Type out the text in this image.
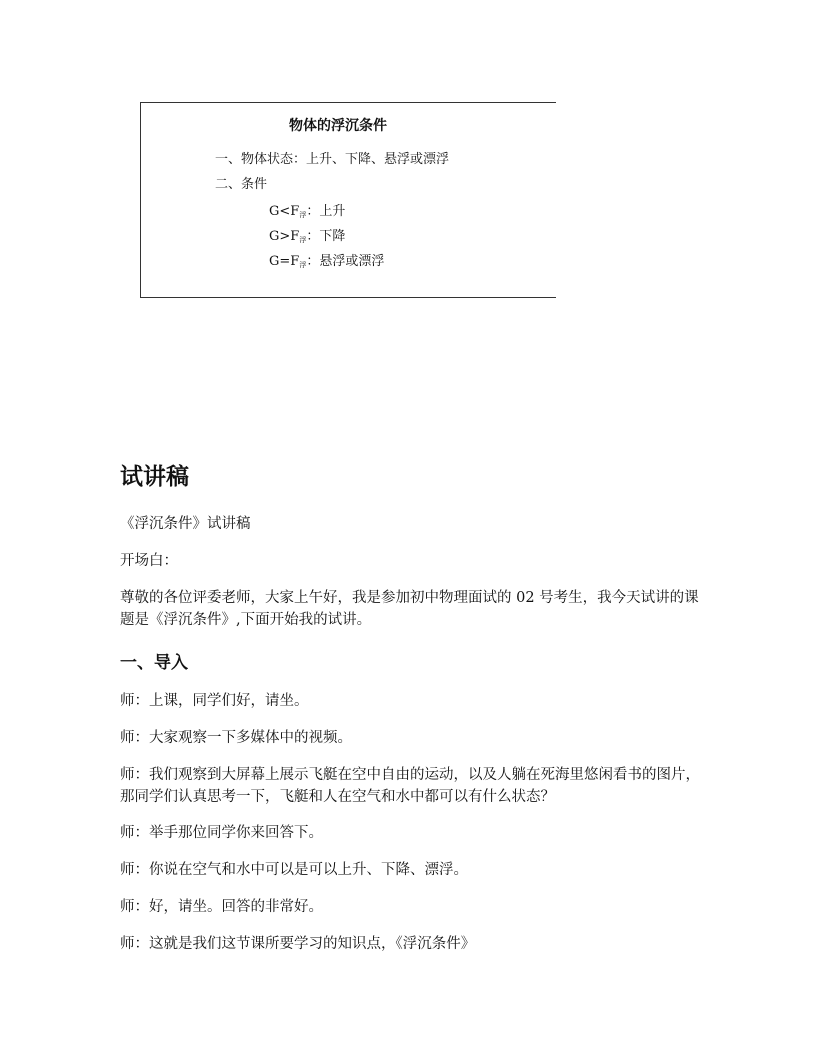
物体的浮沉条件

一、物体状态：上升、下降、悬浮或漂浮

二、条件

$G<F_浮$：上升

$G>F_浮$：下降

$G=F_浮$：悬浮或漂浮

试讲稿

《浮沉条件》试讲稿

开场白：

尊敬的各位评委老师，大家上午好，我是参加初中物理面试的 02 号考生，我今天试讲的课题是《浮沉条件》,下面开始我的试讲。

一、导入

师：上课，同学们好，请坐。

师：大家观察一下多媒体中的视频。

师：我们观察到大屏幕上展示飞艇在空中自由的运动，以及人躺在死海里悠闲看书的图片，那同学们认真思考一下，飞艇和人在空气和水中都可以有什么状态？

师：举手那位同学你来回答下。

师：你说在空气和水中可以是可以上升、下降、漂浮。

师：好，请坐。回答的非常好。

师：这就是我们这节课所要学习的知识点，《浮沉条件》
